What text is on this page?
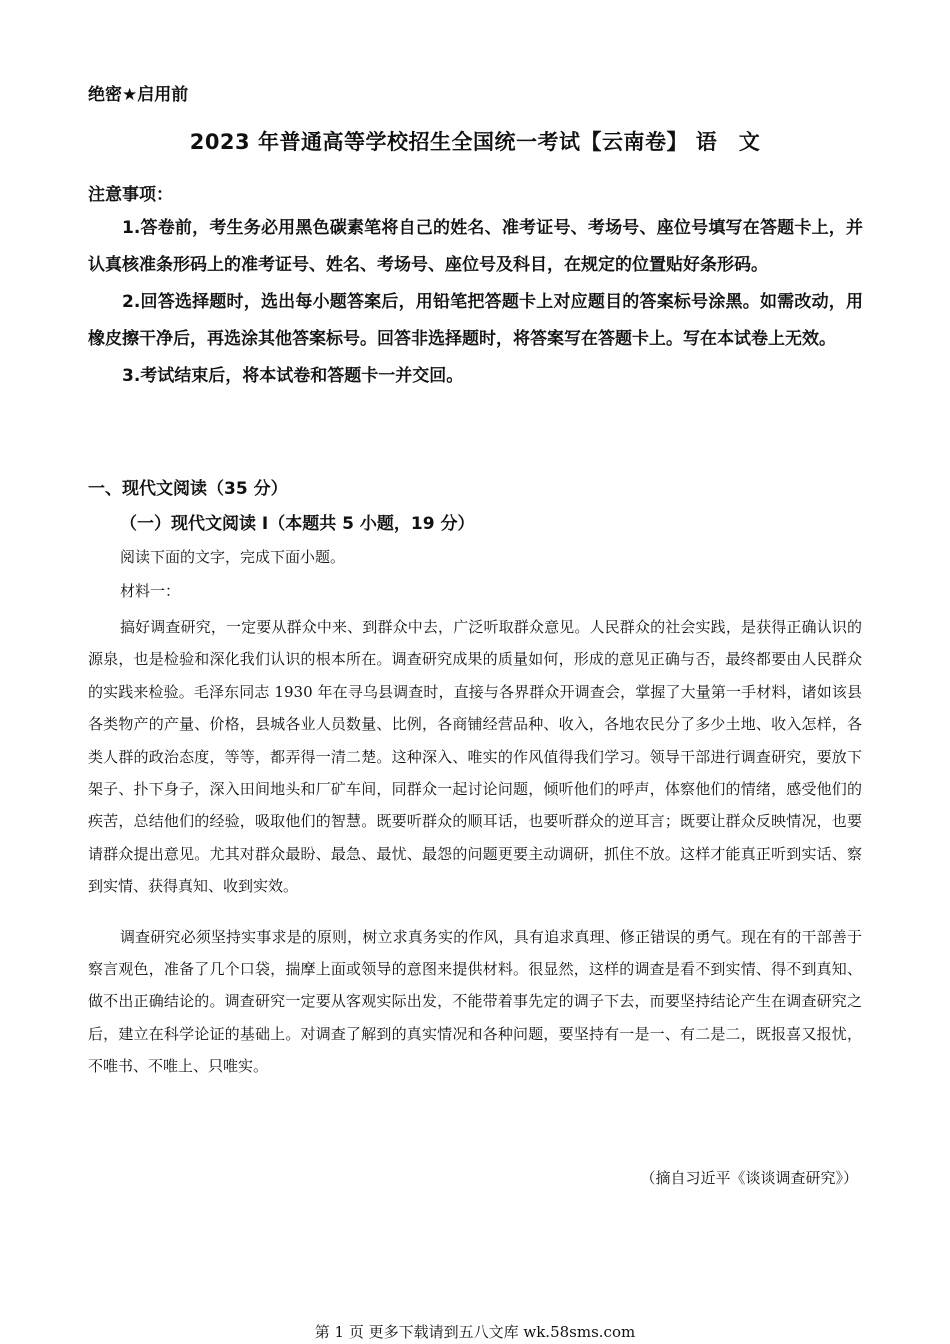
绝密★启用前
2023 年普通高等学校招生全国统一考试【云南卷】 语　文
注意事项：

1.答卷前，考生务必用黑色碳素笔将自己的姓名、准考证号、考场号、座位号填写在答题卡上，并认真核准条形码上的准考证号、姓名、考场号、座位号及科目，在规定的位置贴好条形码。

2.回答选择题时，选出每小题答案后，用铅笔把答题卡上对应题目的答案标号涂黑。如需改动，用橡皮擦干净后，再选涂其他答案标号。回答非选择题时，将答案写在答题卡上。写在本试卷上无效。

3.考试结束后，将本试卷和答题卡一并交回。

一、现代文阅读（35 分）
（一）现代文阅读 I（本题共 5 小题，19 分）
阅读下面的文字，完成下面小题。
材料一：

搞好调查研究，一定要从群众中来、到群众中去，广泛听取群众意见。人民群众的社会实践，是获得正确认识的源泉，也是检验和深化我们认识的根本所在。调查研究成果的质量如何，形成的意见正确与否，最终都要由人民群众的实践来检验。毛泽东同志 1930 年在寻乌县调查时，直接与各界群众开调查会，掌握了大量第一手材料，诸如该县各类物产的产量、价格，县城各业人员数量、比例，各商铺经营品种、收入，各地农民分了多少土地、收入怎样，各类人群的政治态度，等等，都弄得一清二楚。这种深入、唯实的作风值得我们学习。领导干部进行调查研究，要放下架子、扑下身子，深入田间地头和厂矿车间，同群众一起讨论问题，倾听他们的呼声，体察他们的情绪，感受他们的疾苦，总结他们的经验，吸取他们的智慧。既要听群众的顺耳话，也要听群众的逆耳言；既要让群众反映情况，也要请群众提出意见。尤其对群众最盼、最急、最忧、最怨的问题更要主动调研，抓住不放。这样才能真正听到实话、察到实情、获得真知、收到实效。

调查研究必须坚持实事求是的原则，树立求真务实的作风，具有追求真理、修正错误的勇气。现在有的干部善于察言观色，准备了几个口袋，揣摩上面或领导的意图来提供材料。很显然，这样的调查是看不到实情、得不到真知、做不出正确结论的。调查研究一定要从客观实际出发，不能带着事先定的调子下去，而要坚持结论产生在调查研究之后，建立在科学论证的基础上。对调查了解到的真实情况和各种问题，要坚持有一是一、有二是二，既报喜又报忧，不唯书、不唯上、只唯实。

（摘自习近平《谈谈调查研究》）
第 1 页 更多下载请到五八文库 wk.58sms.com
